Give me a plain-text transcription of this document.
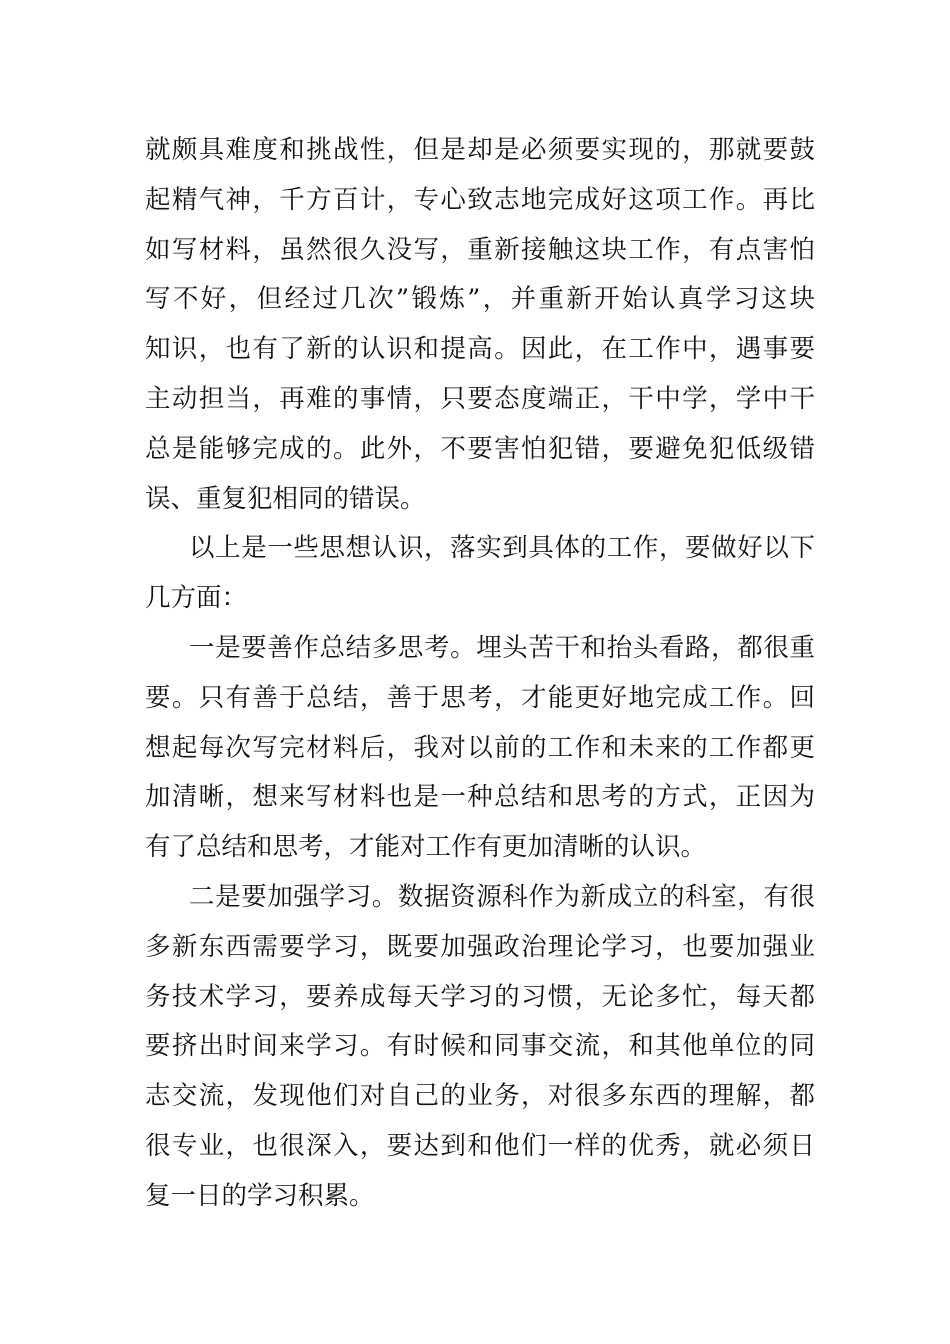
就颇具难度和挑战性，但是却是必须要实现的，那就要鼓
起精气神，千方百计，专心致志地完成好这项工作。再比
如写材料，虽然很久没写，重新接触这块工作，有点害怕
写不好，但经过几次”锻炼”，并重新开始认真学习这块
知识，也有了新的认识和提高。因此，在工作中，遇事要
主动担当，再难的事情，只要态度端正，干中学，学中干
总是能够完成的。此外，不要害怕犯错，要避免犯低级错
误、重复犯相同的错误。
以上是一些思想认识，落实到具体的工作，要做好以下
几方面：
一是要善作总结多思考。埋头苦干和抬头看路，都很重
要。只有善于总结，善于思考，才能更好地完成工作。回
想起每次写完材料后，我对以前的工作和未来的工作都更
加清晰，想来写材料也是一种总结和思考的方式，正因为
有了总结和思考，才能对工作有更加清晰的认识。
二是要加强学习。数据资源科作为新成立的科室，有很
多新东西需要学习，既要加强政治理论学习，也要加强业
务技术学习，要养成每天学习的习惯，无论多忙，每天都
要挤出时间来学习。有时候和同事交流，和其他单位的同
志交流，发现他们对自己的业务，对很多东西的理解，都
很专业，也很深入，要达到和他们一样的优秀，就必须日
复一日的学习积累。
